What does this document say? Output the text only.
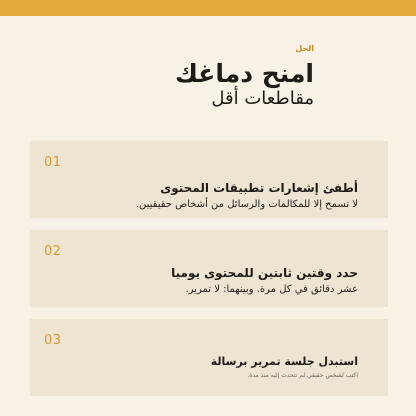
الحل
امنح دماغك
مقاطعات أقل
01
أطفئ إشعارات تطبيقات المحتوى
لا تسمح إلا للمكالمات والرسائل من أشخاص حقيقيين.
02
حدد وقتين ثابتين للمحتوى يوميا
عشر دقائق في كل مرة. وبينهما: لا تمرير.
03
استبدل جلسة تمرير برسالة
اكتب لشخص حقيقي لم تتحدث إليه منذ مدة.
